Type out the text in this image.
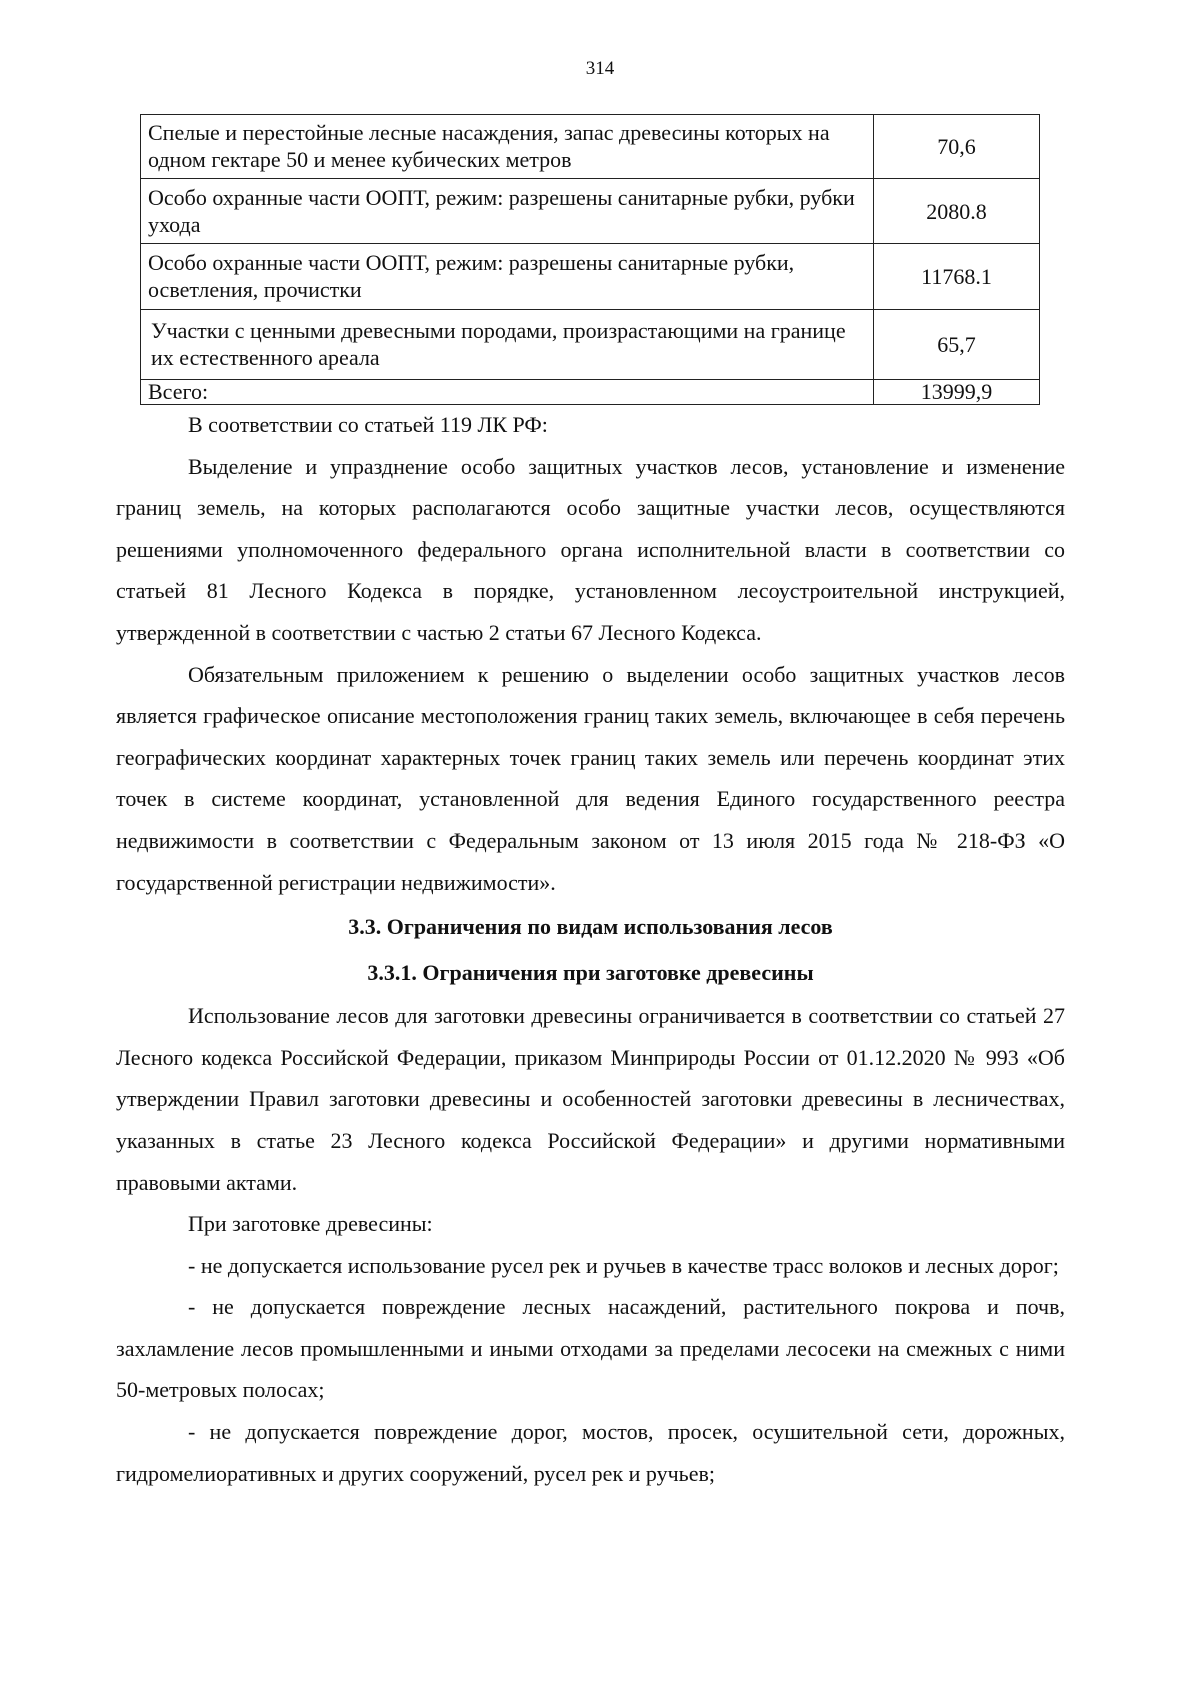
314
Спелые и перестойные лесные насаждения, запас древесины которых на одном гектаре 50 и менее кубических метров	70,6
Особо охранные части ООПТ, режим: разрешены санитарные рубки, рубки ухода	2080.8
Особо охранные части ООПТ, режим: разрешены санитарные рубки, осветления, прочистки	11768.1
Участки с ценными древесными породами, произрастающими на границе их естественного ареала	65,7
Всего:	13999,9

В соответствии со статьей 119 ЛК РФ:

Выделение и упразднение особо защитных участков лесов, установление и изменение границ земель, на которых располагаются особо защитные участки лесов, осуществляются решениями уполномоченного федерального органа исполнительной власти в соответствии со статьей 81 Лесного Кодекса в порядке, установленном лесоустроительной инструкцией, утвержденной в соответствии с частью 2 статьи 67 Лесного Кодекса.

Обязательным приложением к решению о выделении особо защитных участков лесов является графическое описание местоположения границ таких земель, включающее в себя перечень географических координат характерных точек границ таких земель или перечень координат этих точек в системе координат, установленной для ведения Единого государственного реестра недвижимости в соответствии с Федеральным законом от 13 июля 2015 года № 218-ФЗ «О государственной регистрации недвижимости».

3.3. Ограничения по видам использования лесов
3.3.1. Ограничения при заготовке древесины

Использование лесов для заготовки древесины ограничивается в соответствии со статьей 27 Лесного кодекса Российской Федерации, приказом Минприроды России от 01.12.2020 № 993 «Об утверждении Правил заготовки древесины и особенностей заготовки древесины в лесничествах, указанных в статье 23 Лесного кодекса Российской Федерации» и другими нормативными правовыми актами.

При заготовке древесины:

- не допускается использование русел рек и ручьев в качестве трасс волоков и лесных дорог;

- не допускается повреждение лесных насаждений, растительного покрова и почв, захламление лесов промышленными и иными отходами за пределами лесосеки на смежных с ними 50-метровых полосах;

- не допускается повреждение дорог, мостов, просек, осушительной сети, дорожных, гидромелиоративных и других сооружений, русел рек и ручьев;
